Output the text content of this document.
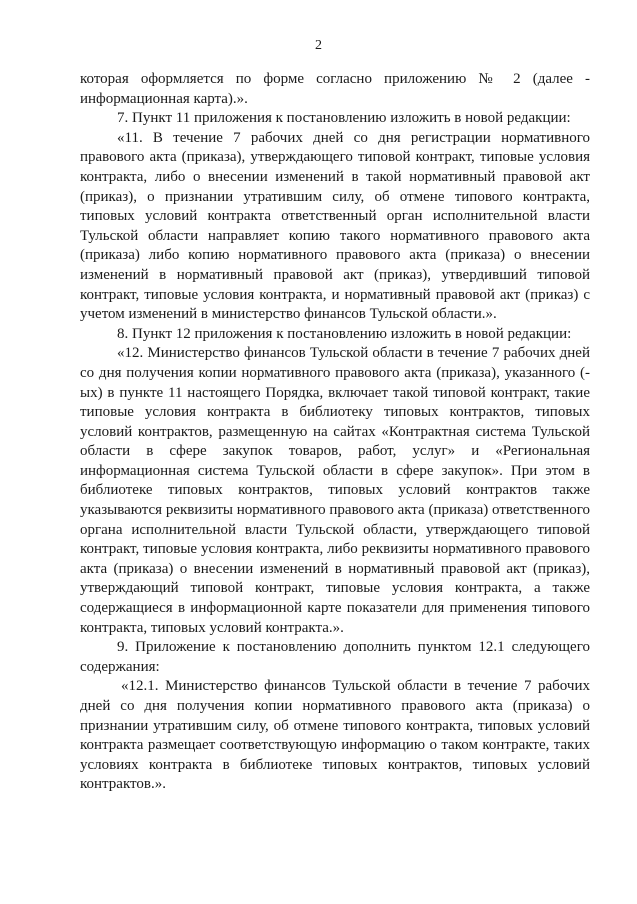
2

которая оформляется по форме согласно приложению № 2 (далее - информационная карта).».

7. Пункт 11 приложения к постановлению изложить в новой редакции:

«11. В течение 7 рабочих дней со дня регистрации нормативного правового акта (приказа), утверждающего типовой контракт, типовые условия контракта, либо о внесении изменений в такой нормативный правовой акт (приказ), о признании утратившим силу, об отмене типового контракта, типовых условий контракта ответственный орган исполнительной власти Тульской области направляет копию такого нормативного правового акта (приказа) либо копию нормативного правового акта (приказа) о внесении изменений в нормативный правовой акт (приказ), утвердивший типовой контракт, типовые условия контракта, и нормативный правовой акт (приказ) с учетом изменений в министерство финансов Тульской области.».

8. Пункт 12 приложения к постановлению изложить в новой редакции:

«12. Министерство финансов Тульской области в течение 7 рабочих дней со дня получения копии нормативного правового акта (приказа), указанного (-ых) в пункте 11 настоящего Порядка, включает такой типовой контракт, такие типовые условия контракта в библиотеку типовых контрактов, типовых условий контрактов, размещенную на сайтах «Контрактная система Тульской области в сфере закупок товаров, работ, услуг» и «Региональная информационная система Тульской области в сфере закупок». При этом в библиотеке типовых контрактов, типовых условий контрактов также указываются реквизиты нормативного правового акта (приказа) ответственного органа исполнительной власти Тульской области, утверждающего типовой контракт, типовые условия контракта, либо реквизиты нормативного правового акта (приказа) о внесении изменений в нормативный правовой акт (приказ), утверждающий типовой контракт, типовые условия контракта, а также содержащиеся в информационной карте показатели для применения типового контракта, типовых условий контракта.».

9. Приложение к постановлению дополнить пунктом 12.1 следующего содержания:

«12.1. Министерство финансов Тульской области в течение 7 рабочих дней со дня получения копии нормативного правового акта (приказа) о признании утратившим силу, об отмене типового контракта, типовых условий контракта размещает соответствующую информацию о таком контракте, таких условиях контракта в библиотеке типовых контрактов, типовых условий контрактов.».
